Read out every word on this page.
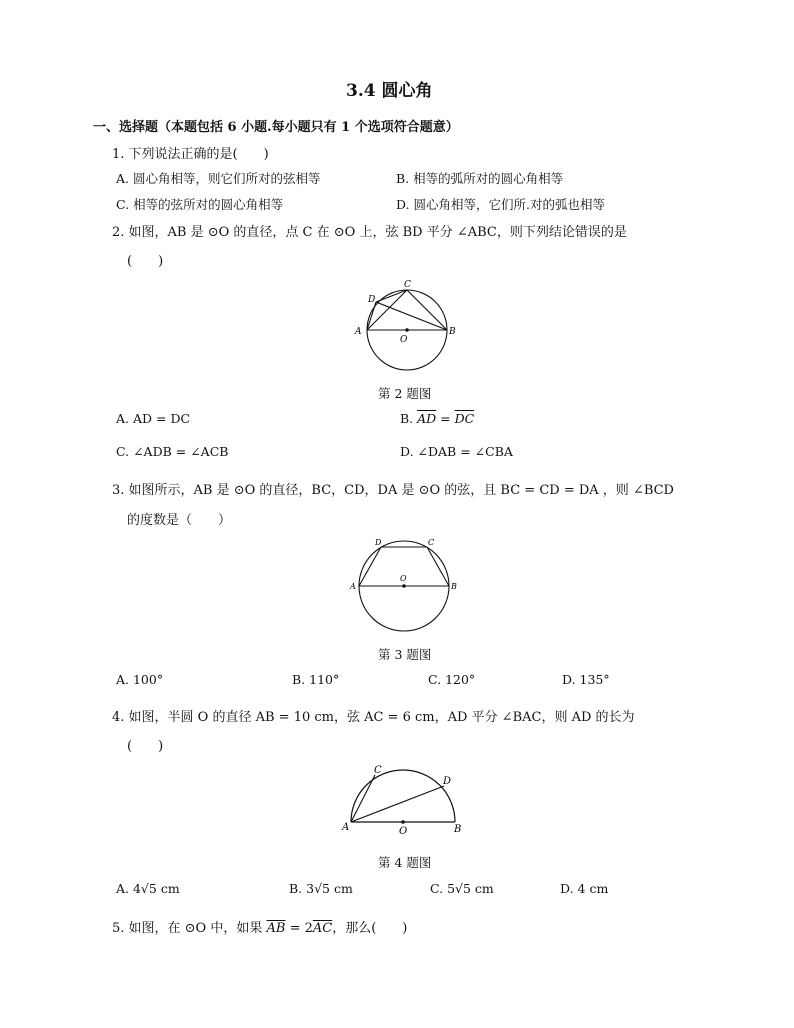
3.4 圆心角
一、选择题（本题包括 6 小题.每小题只有 1 个选项符合题意）
1. 下列说法正确的是(　　)
A. 圆心角相等，则它们所对的弦相等	B. 相等的弧所对的圆心角相等
C. 相等的弦所对的圆心角相等	D. 圆心角相等，它们所.对的弧也相等
2. 如图，AB 是 ⊙O 的直径，点 C 在 ⊙O 上，弦 BD 平分 ∠ABC，则下列结论错误的是
(　　)
A	B
C
D
O
第 2 题图
A. AD = DC	B. $\overline{AD} = \overline{DC}$
C. ∠ADB = ∠ACB	D. ∠DAB = ∠CBA
3. 如图所示，AB 是 ⊙O 的直径，BC，CD，DA 是 ⊙O 的弦，且 BC = CD = DA ，则 ∠BCD
的度数是（　　）
A	B
C
D
O
第 3 题图
A. 100°	B. 110°	C. 120°	D. 135°
4. 如图，半圆 O 的直径 AB = 10 cm，弦 AC = 6 cm，AD 平分 ∠BAC，则 AD 的长为
(　　)
A	B
C
D
O
第 4 题图
A. 4√5 cm	B. 3√5 cm	C. 5√5 cm	D. 4 cm
5. 如图，在 ⊙O 中，如果 $\overline{AB} = 2\overline{AC}$，那么(　　)
